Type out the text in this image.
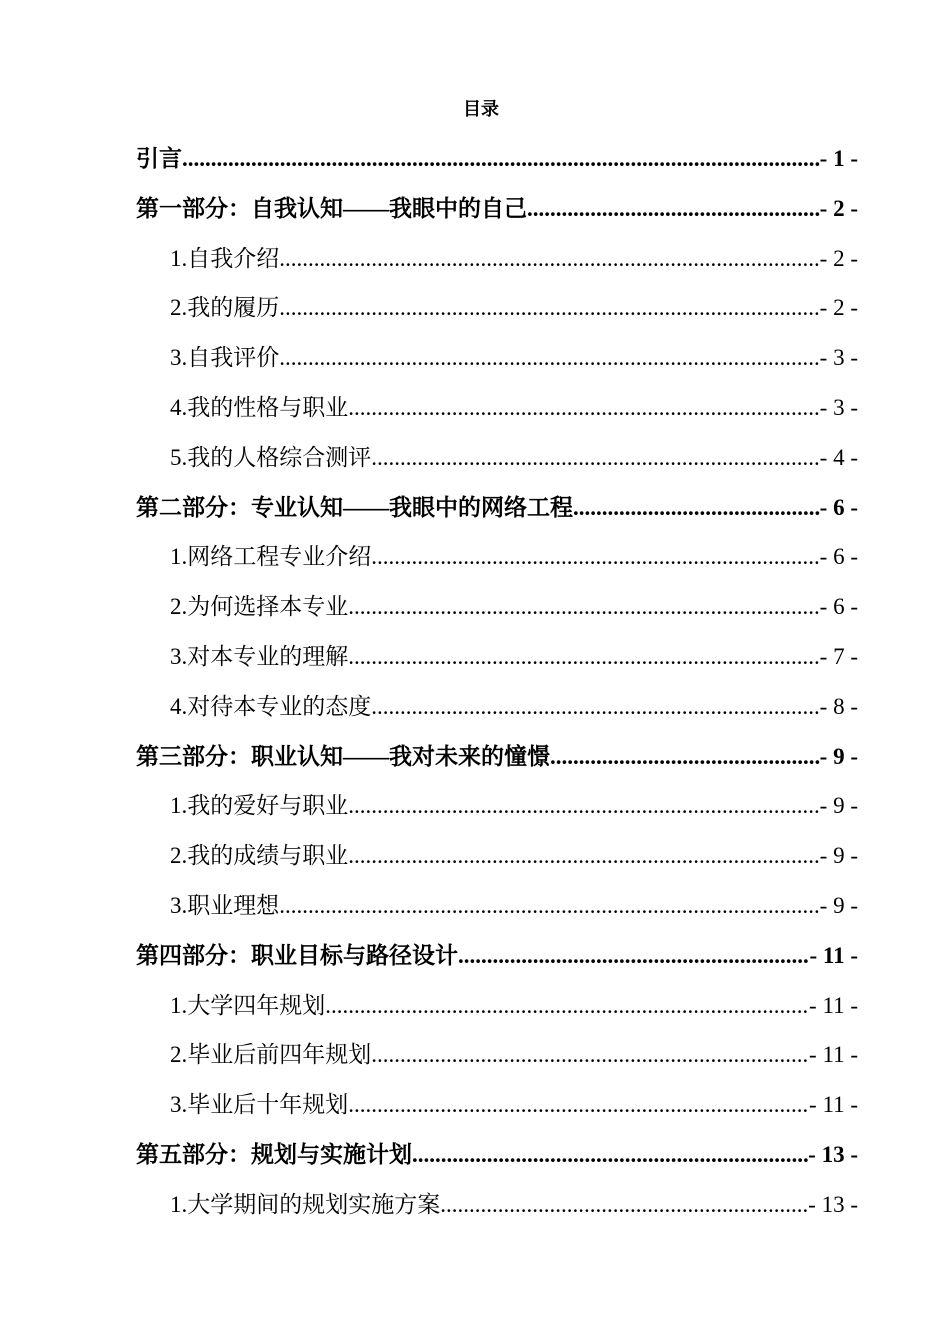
目录
引言 .....	- 1 -
第一部分：自我认知——我眼中的自己 .....	- 2 -
1.自我介绍 .....	- 2 -
2.我的履历 .....	- 2 -
3.自我评价 .....	- 3 -
4.我的性格与职业 .....	- 3 -
5.我的人格综合测评 .....	- 4 -
第二部分：专业认知——我眼中的网络工程 .....	- 6 -
1.网络工程专业介绍 .....	- 6 -
2.为何选择本专业 .....	- 6 -
3.对本专业的理解 .....	- 7 -
4.对待本专业的态度 .....	- 8 -
第三部分：职业认知——我对未来的憧憬 .....	- 9 -
1.我的爱好与职业 .....	- 9 -
2.我的成绩与职业 .....	- 9 -
3.职业理想 .....	- 9 -
第四部分：职业目标与路径设计 .....	- 11 -
1.大学四年规划 .....	- 11 -
2.毕业后前四年规划 .....	- 11 -
3.毕业后十年规划 .....	- 11 -
第五部分：规划与实施计划 .....	- 13 -
1.大学期间的规划实施方案 .....	- 13 -
